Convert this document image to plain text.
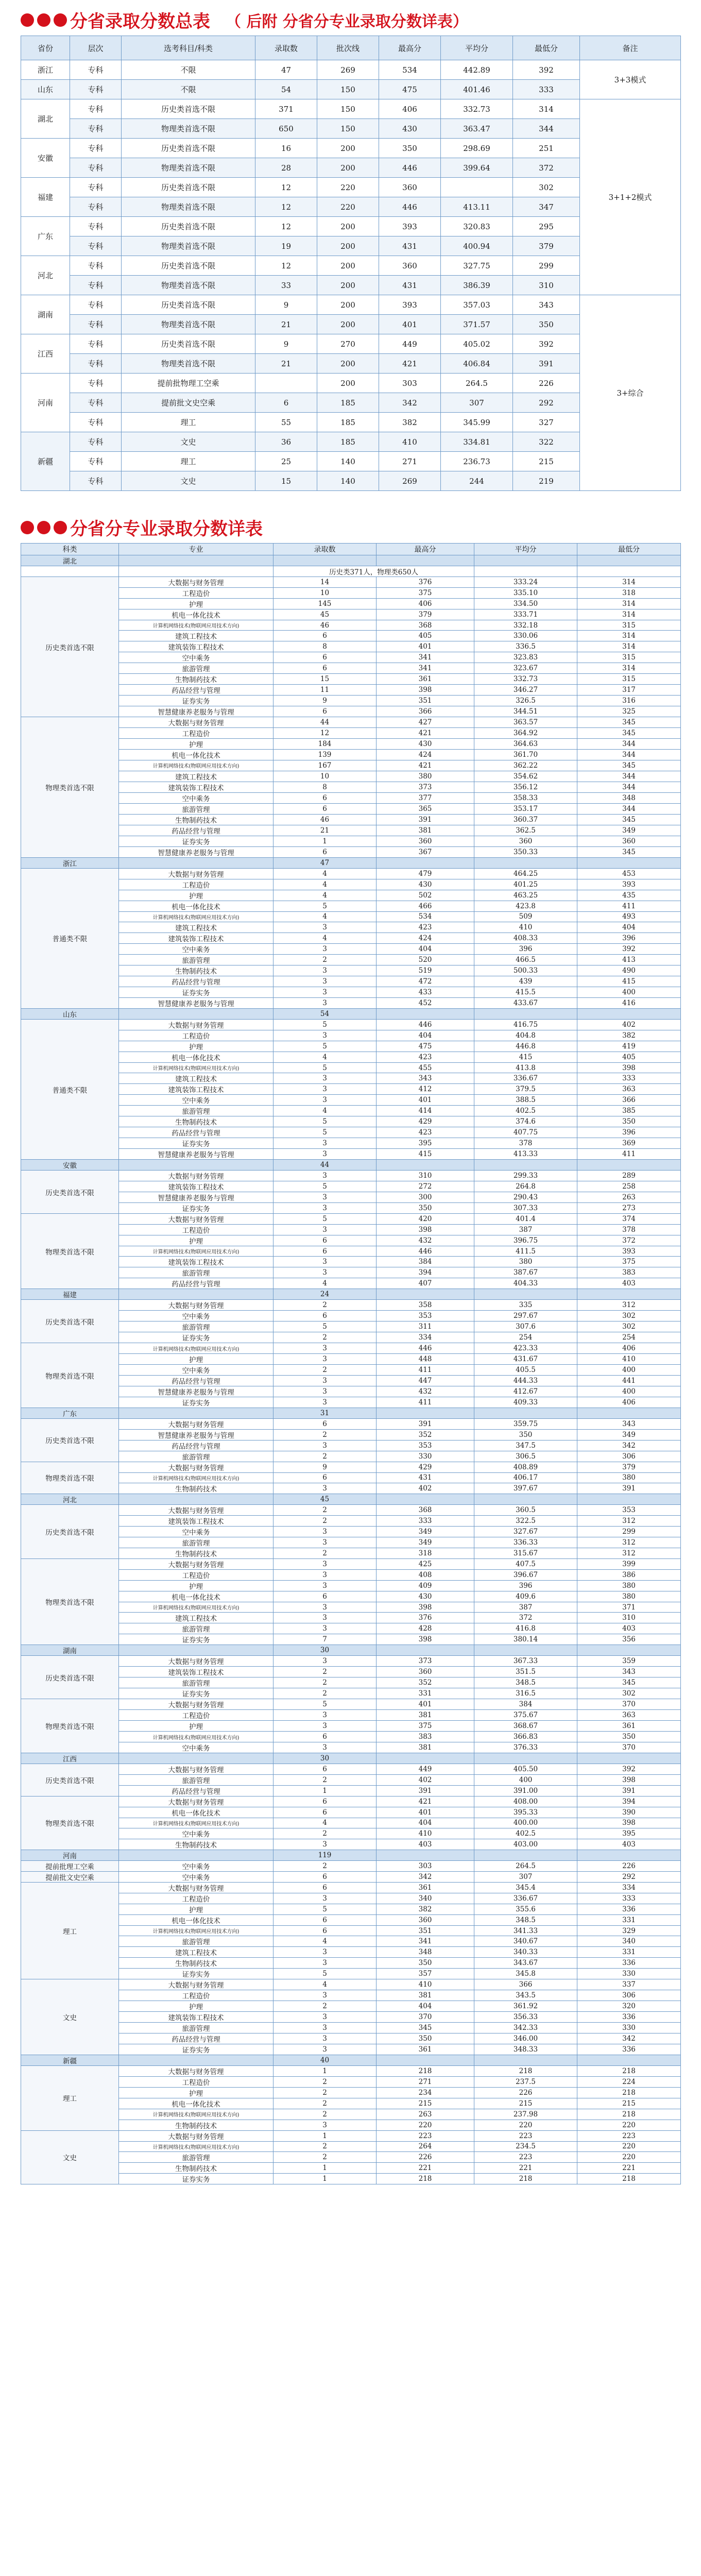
分省录取分数总表 （ 后附 分省分专业录取分数详表）
省份	层次	选考科目/科类	录取数	批次线	最高分	平均分	最低分	备注
浙江	专科	不限	47	269	534	442.89	392	3+3模式
山东	专科	不限	54	150	475	401.46	333	
湖北	专科	历史类首选不限	371	150	406	332.73	314	3+1+2模式
	专科	物理类首选不限	650	150	430	363.47	344	
安徽	专科	历史类首选不限	16	200	350	298.69	251	
	专科	物理类首选不限	28	200	446	399.64	372	
福建	专科	历史类首选不限	12	220	360		302	
	专科	物理类首选不限	12	220	446	413.11	347	
广东	专科	历史类首选不限	12	200	393	320.83	295	
	专科	物理类首选不限	19	200	431	400.94	379	
河北	专科	历史类首选不限	12	200	360	327.75	299	
	专科	物理类首选不限	33	200	431	386.39	310	
湖南	专科	历史类首选不限	9	200	393	357.03	343	3+综合
	专科	物理类首选不限	21	200	401	371.57	350	
江西	专科	历史类首选不限	9	270	449	405.02	392	
	专科	物理类首选不限	21	200	421	406.84	391	
河南	专科	提前批物理工空乘		200	303	264.5	226	
	专科	提前批文史空乘	6	185	342	307	292	
	专科	理工	55	185	382	345.99	327	
新疆	专科	文史	36	185	410	334.81	322	
	专科	理工	25	140	271	236.73	215	
	专科	文史	15	140	269	244	219	
分省分专业录取分数详表
科类	专业	录取数	最高分	平均分	最低分
湖北					
		历史类371人，物理类650人			
历史类首选不限	大数据与财务管理	14	376	333.24	314
	工程造价	10	375	335.10	318
	护理	145	406	334.50	314
	机电一体化技术	45	379	333.71	314
	计算机网络技术(物联网应用技术方向)	46	368	332.18	315
	建筑工程技术	6	405	330.06	314
	建筑装饰工程技术	8	401	336.5	314
	空中乘务	6	341	323.83	315
	旅游管理	6	341	323.67	314
	生物制药技术	15	361	332.73	315
	药品经营与管理	11	398	346.27	317
	证券实务	9	351	326.5	316
	智慧健康养老服务与管理	6	366	344.51	325
物理类首选不限	大数据与财务管理	44	427	363.57	345
	工程造价	12	421	364.92	345
	护理	184	430	364.63	344
	机电一体化技术	139	424	361.70	344
	计算机网络技术(物联网应用技术方向)	167	421	362.22	345
	建筑工程技术	10	380	354.62	344
	建筑装饰工程技术	8	373	356.12	344
	空中乘务	6	377	358.33	348
	旅游管理	6	365	353.17	344
	生物制药技术	46	391	360.37	345
	药品经营与管理	21	381	362.5	349
	证券实务	1	360	360	360
	智慧健康养老服务与管理	6	367	350.33	345
浙江		47			
普通类不限	大数据与财务管理	4	479	464.25	453
	工程造价	4	430	401.25	393
	护理	4	502	463.25	435
	机电一体化技术	5	466	423.8	411
	计算机网络技术(物联网应用技术方向)	4	534	509	493
	建筑工程技术	3	423	410	404
	建筑装饰工程技术	4	424	408.33	396
	空中乘务	3	404	396	392
	旅游管理	2	520	466.5	413
	生物制药技术	3	519	500.33	490
	药品经营与管理	3	472	439	415
	证券实务	3	433	415.5	400
	智慧健康养老服务与管理	3	452	433.67	416
山东		54			
普通类不限	大数据与财务管理	5	446	416.75	402
	工程造价	3	404	404.8	382
	护理	5	475	446.8	419
	机电一体化技术	4	423	415	405
	计算机网络技术(物联网应用技术方向)	5	455	413.8	398
	建筑工程技术	3	343	336.67	333
	建筑装饰工程技术	3	412	379.5	363
	空中乘务	3	401	388.5	366
	旅游管理	4	414	402.5	385
	生物制药技术	5	429	374.6	350
	药品经营与管理	5	423	407.75	396
	证券实务	3	395	378	369
	智慧健康养老服务与管理	3	415	413.33	411
安徽		44			
历史类首选不限	大数据与财务管理	3	310	299.33	289
	建筑装饰工程技术	5	272	264.8	258
	智慧健康养老服务与管理	3	300	290.43	263
	证券实务	3	350	307.33	273
物理类首选不限	大数据与财务管理	5	420	401.4	374
	工程造价	3	398	387	378
	护理	6	432	396.75	372
	计算机网络技术(物联网应用技术方向)	6	446	411.5	393
	建筑装饰工程技术	3	384	380	375
	旅游管理	3	394	387.67	383
	药品经营与管理	4	407	404.33	403
福建		24			
历史类首选不限	大数据与财务管理	2	358	335	312
	空中乘务	6	353	297.67	302
	旅游管理	5	311	307.6	302
	证券实务	2	334	254	254
物理类首选不限	计算机网络技术(物联网应用技术方向)	3	446	423.33	406
	护理	3	448	431.67	410
	空中乘务	2	411	405.5	400
	药品经营与管理	3	447	444.33	441
	智慧健康养老服务与管理	3	432	412.67	400
	证券实务	3	411	409.33	406
广东		31			
历史类首选不限	大数据与财务管理	6	391	359.75	343
	智慧健康养老服务与管理	2	352	350	349
	药品经营与管理	3	353	347.5	342
	旅游管理	2	330	306.5	306
物理类首选不限	大数据与财务管理	9	429	408.89	379
	计算机网络技术(物联网应用技术方向)	6	431	406.17	380
	生物制药技术	3	402	397.67	391
河北		45			
历史类首选不限	大数据与财务管理	2	368	360.5	353
	建筑装饰工程技术	2	333	322.5	312
	空中乘务	3	349	327.67	299
	旅游管理	3	349	336.33	312
	生物制药技术	2	318	315.67	312
物理类首选不限	大数据与财务管理	3	425	407.5	399
	工程造价	3	408	396.67	386
	护理	3	409	396	380
	机电一体化技术	6	430	409.6	380
	计算机网络技术(物联网应用技术方向)	3	398	387	371
	建筑工程技术	3	376	372	310
	旅游管理	3	428	416.8	403
	证券实务	7	398	380.14	356
湖南		30			
历史类首选不限	大数据与财务管理	3	373	367.33	359
	建筑装饰工程技术	2	360	351.5	343
	旅游管理	2	352	348.5	345
	证券实务	2	331	316.5	302
物理类首选不限	大数据与财务管理	5	401	384	370
	工程造价	3	381	375.67	363
	护理	3	375	368.67	361
	计算机网络技术(物联网应用技术方向)	6	383	366.83	350
	空中乘务	3	381	376.33	370
江西		30			
历史类首选不限	大数据与财务管理	6	449	405.50	392
	旅游管理	2	402	400	398
	药品经营与管理	1	391	391.00	391
物理类首选不限	大数据与财务管理	6	421	408.00	394
	机电一体化技术	6	401	395.33	390
	计算机网络技术(物联网应用技术方向)	4	404	400.00	398
	空中乘务	2	410	402.5	395
	生物制药技术	3	403	403.00	403
河南		119			
提前批理工空乘	空中乘务	2	303	264.5	226
提前批文史空乘	空中乘务	6	342	307	292
理工	大数据与财务管理	6	361	345.4	334
	工程造价	3	340	336.67	333
	护理	5	382	355.6	336
	机电一体化技术	6	360	348.5	331
	计算机网络技术(物联网应用技术方向)	6	351	341.33	329
	旅游管理	4	341	340.67	340
	建筑工程技术	3	348	340.33	331
	生物制药技术	3	350	343.67	336
	证券实务	5	357	345.8	330
文史	大数据与财务管理	4	410	366	337
	工程造价	3	381	343.5	306
	护理	2	404	361.92	320
	建筑装饰工程技术	3	370	356.33	336
	旅游管理	3	345	342.33	330
	药品经营与管理	3	350	346.00	342
	证券实务	3	361	348.33	336
新疆		40			
理工	大数据与财务管理	1	218	218	218
	工程造价	2	271	237.5	224
	护理	2	234	226	218
	机电一体化技术	2	215	215	215
	计算机网络技术(物联网应用技术方向)	2	263	237.98	218
	生物制药技术	3	220	220	220
文史	大数据与财务管理	1	223	223	223
	计算机网络技术(物联网应用技术方向)	2	264	234.5	220
	旅游管理	2	226	223	220
	生物制药技术	1	221	221	221
	证券实务	1	218	218	218
